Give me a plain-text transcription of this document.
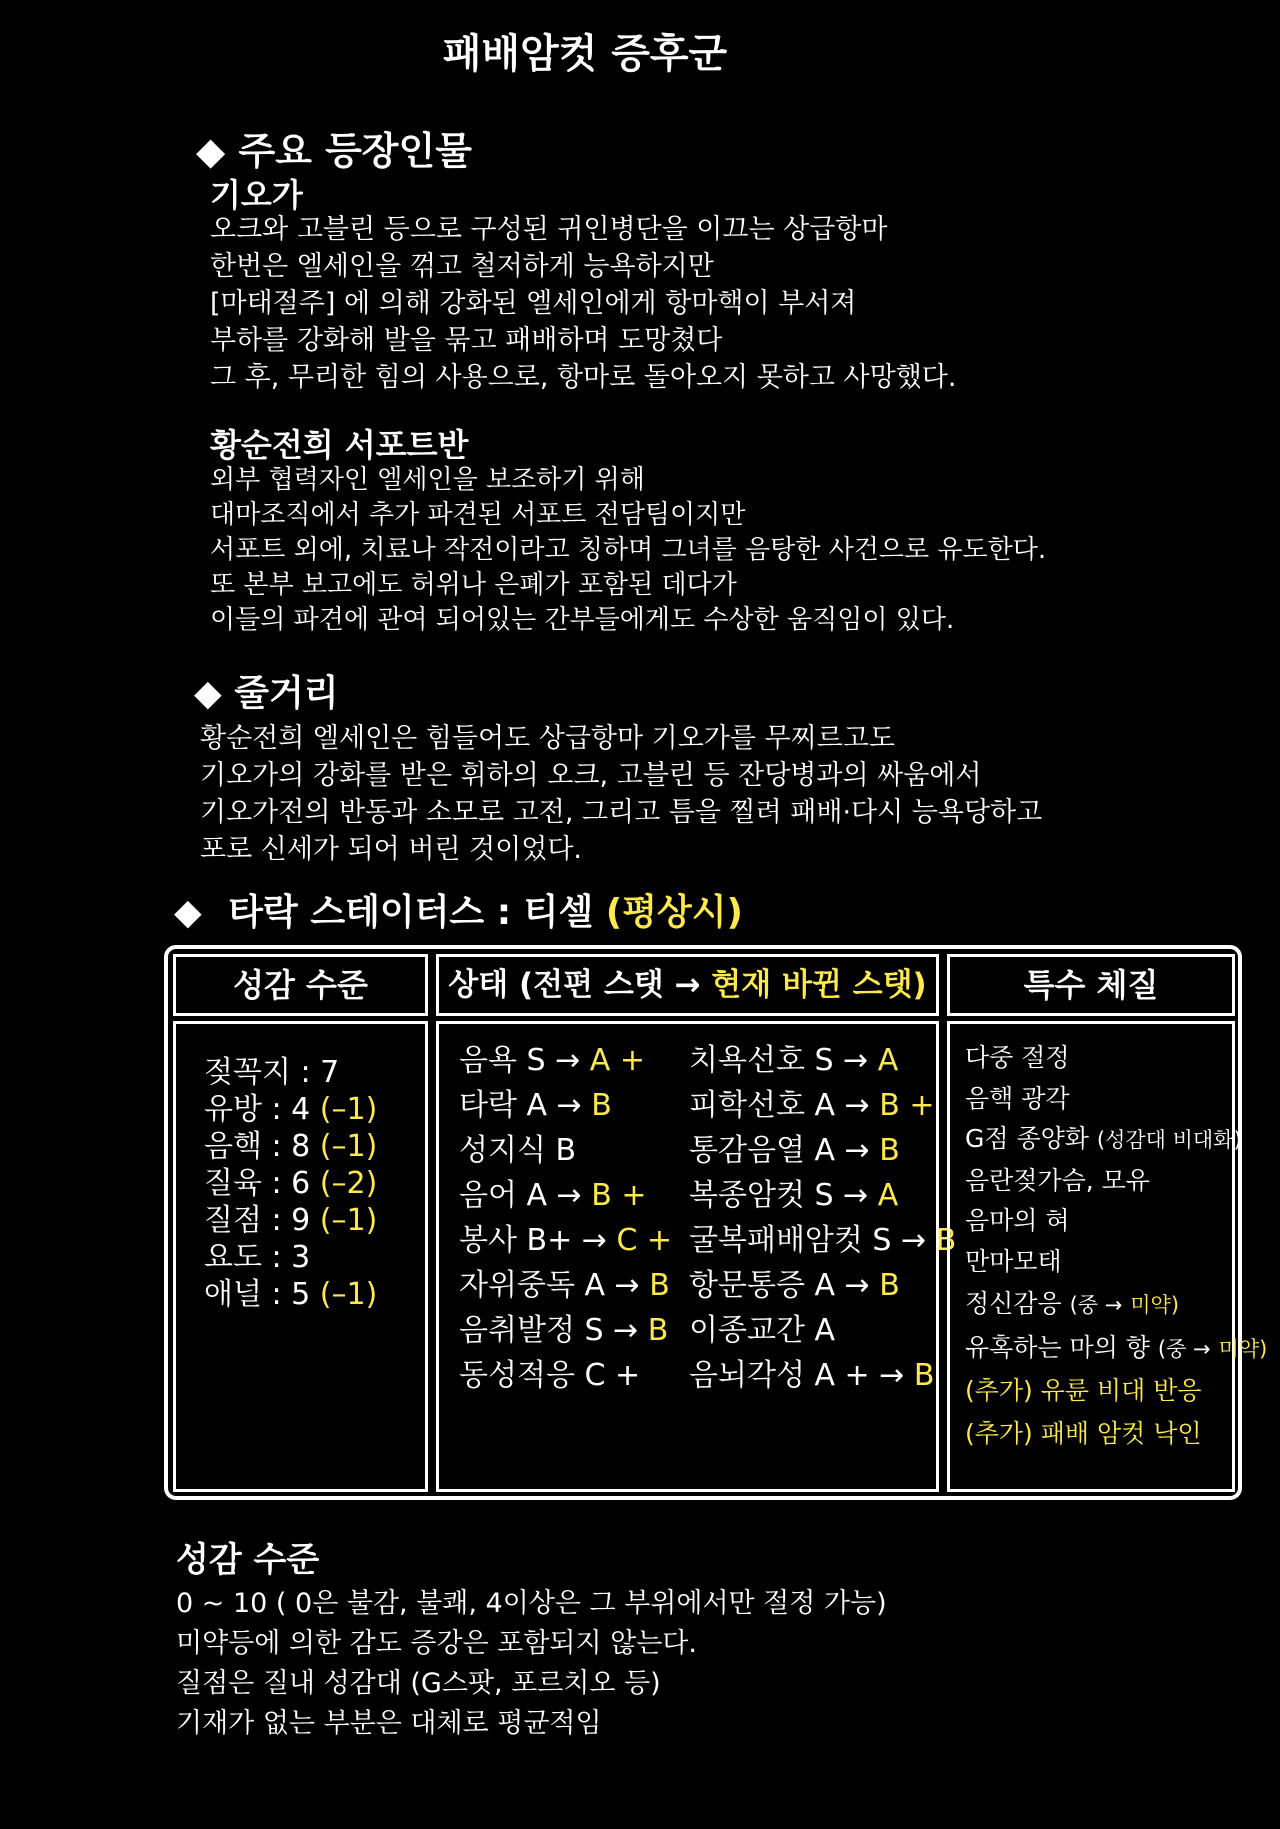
패배암컷 증후군
◆ 주요 등장인물
기오가
오크와 고블린 등으로 구성된 귀인병단을 이끄는 상급항마
한번은 엘세인을 꺾고 철저하게 능욕하지만
[마태절주] 에 의해 강화된 엘세인에게 항마핵이 부서져
부하를 강화해 발을 묶고 패배하며 도망쳤다
그 후, 무리한 힘의 사용으로, 항마로 돌아오지 못하고 사망했다.
황순전희 서포트반
외부 협력자인 엘세인을 보조하기 위해
대마조직에서 추가 파견된 서포트 전담팀이지만
서포트 외에, 치료나 작전이라고 칭하며 그녀를 음탕한 사건으로 유도한다.
또 본부 보고에도 허위나 은폐가 포함된 데다가
이들의 파견에 관여 되어있는 간부들에게도 수상한 움직임이 있다.
◆ 줄거리
황순전희 엘세인은 힘들어도 상급항마 기오가를 무찌르고도
기오가의 강화를 받은 휘하의 오크, 고블린 등 잔당병과의 싸움에서
기오가전의 반동과 소모로 고전, 그리고 틈을 찔려 패배·다시 능욕당하고
포로 신세가 되어 버린 것이었다.
◆ 타락 스테이터스 : 티셀 (평상시)
성감 수준	상태 (전편 스탯 → 현재 바뀐 스탯)	특수 체질
젖꼭지 : 7
유방 : 4 (–1)
음핵 : 8 (–1)
질육 : 6 (–2)
질점 : 9 (–1)
요도 : 3
애널 : 5 (–1)
음욕 S → A +
타락 A → B
성지식 B
음어 A → B +
봉사 B+ → C +
자위중독 A → B
음취발정 S → B
동성적응 C +
치욕선호 S → A
피학선호 A → B +
통감음열 A → B
복종암컷 S → A
굴복패배암컷 S → B
항문통증 A → B
이종교간 A
음뇌각성 A + → B
다중 절정
음핵 광각
G점 종양화 (성감대 비대화)
음란젖가슴, 모유
음마의 혀
만마모태
정신감응 (중 → 미약)
유혹하는 마의 향 (중 → 미약)
(추가) 유륜 비대 반응
(추가) 패배 암컷 낙인
성감 수준
0 ~ 10 ( 0은 불감, 불쾌, 4이상은 그 부위에서만 절정 가능)
미약등에 의한 감도 증강은 포함되지 않는다.
질점은 질내 성감대 (G스팟, 포르치오 등)
기재가 없는 부분은 대체로 평균적임
